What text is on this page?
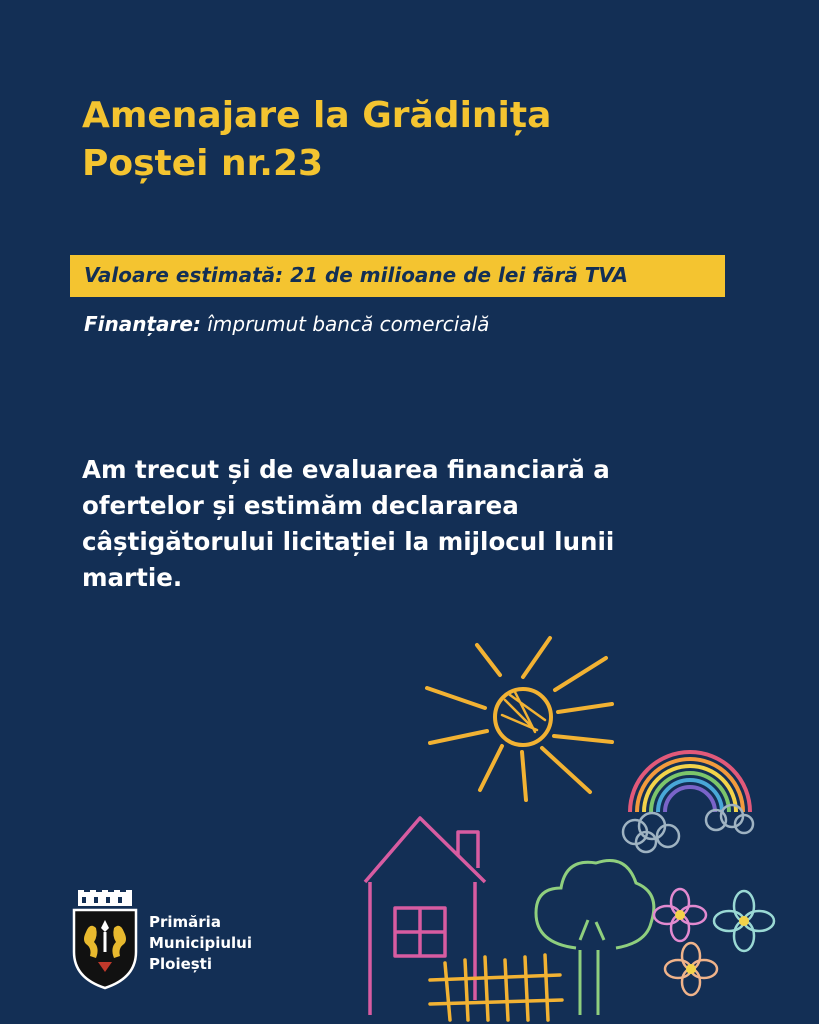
Amenajare la Grădinița
Poștei nr.23
Valoare estimată: 21 de milioane de lei fără TVA
Finanțare: împrumut bancă comercială
Am trecut și de evaluarea financiară a
ofertelor și estimăm declararea
câștigătorului licitației la mijlocul lunii
martie.
Primăria
Municipiului
Ploiești
